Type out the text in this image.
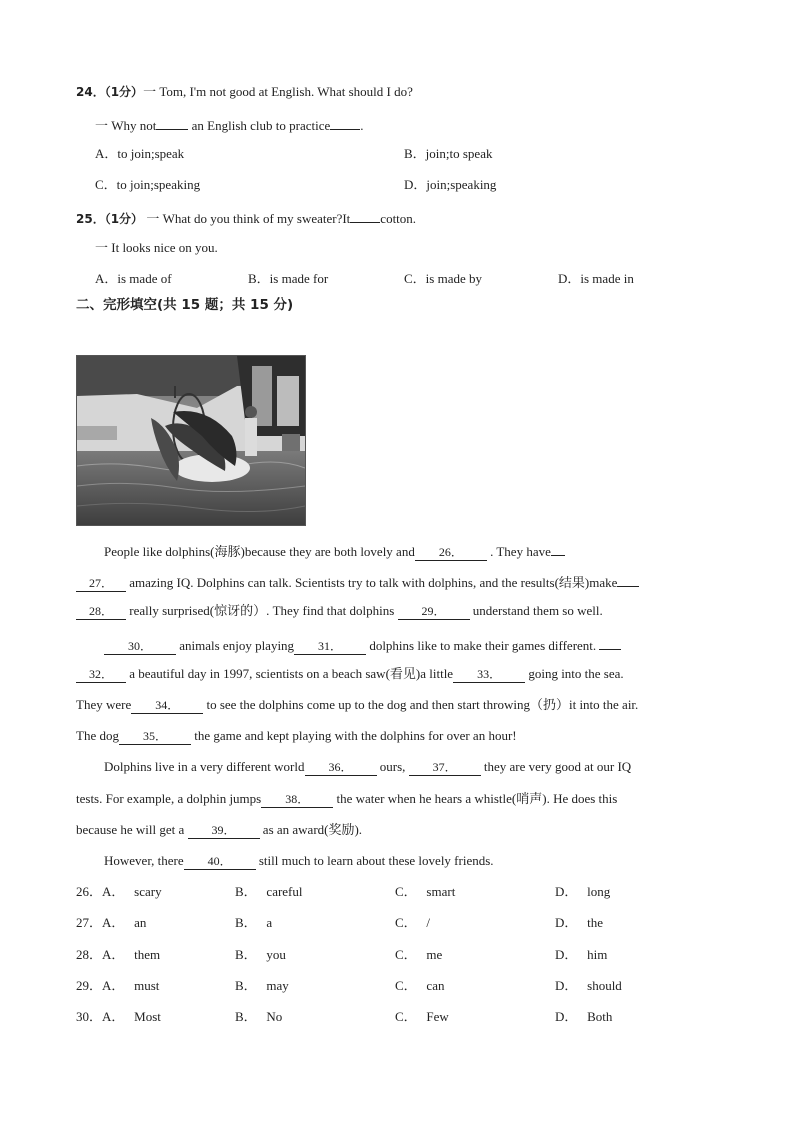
24．（1分）一 Tom, I'm not good at English. What should I do?
一 Why not an English club to practice .
A．to join;speak	B．join;to speak
C．to join;speaking	D．join;speaking
25．（1分） 一 What do you think of my sweater?It cotton.
一 It looks nice on you.
A．is made of	B．is made for	C．is made by	D．is made in
二、完形填空(共 15 题；共 15 分)
People like dolphins(海豚)because they are both lovely and 26． . They have
27． amazing IQ. Dolphins can talk. Scientists try to talk with dolphins, and the results(结果)make
28． really surprised(惊讶的）. They find that dolphins 29． understand them so well.
30． animals enjoy playing 31． dolphins like to make their games different.
32． a beautiful day in 1997, scientists on a beach saw(看见)a little 33． going into the sea.
They were 34． to see the dolphins come up to the dog and then start throwing（扔）it into the air.
The dog 35． the game and kept playing with the dolphins for over an hour!
Dolphins live in a very different world 36． ours, 37． they are very good at our IQ
tests. For example, a dolphin jumps 38． the water when he hears a whistle(哨声). He does this
because he will get a 39． as an award(奖励).
However, there 40． still much to learn about these lovely friends.
26．A． scary	B． careful	C． smart	D． long
27．A． an	B． a	C． /	D． the
28．A． them	B． you	C． me	D． him
29．A． must	B． may	C． can	D． should
30．A． Most	B． No	C． Few	D． Both
